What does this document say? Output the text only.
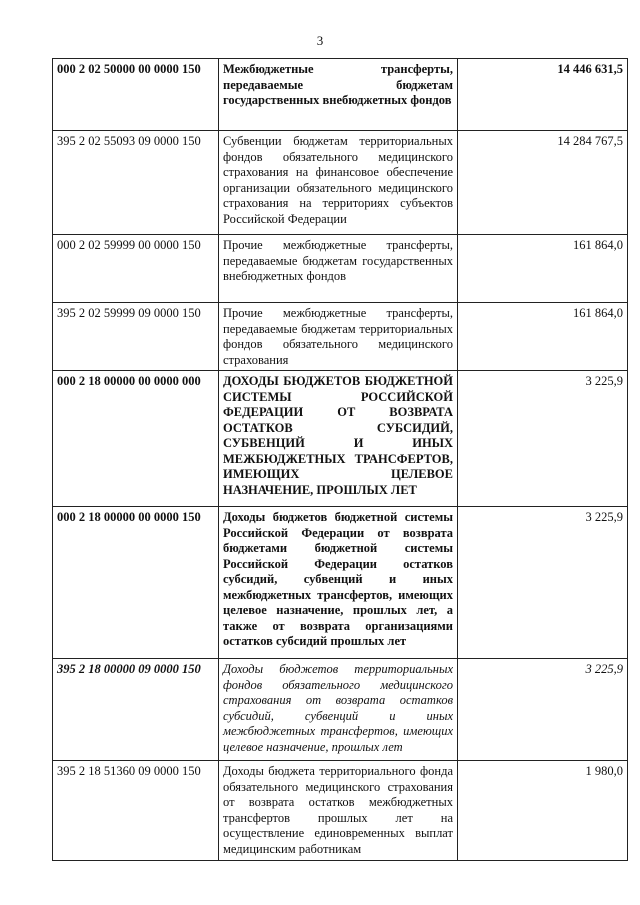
3
000 2 02 50000 00 0000 150	Межбюджетные трансферты, передаваемые бюджетам государственных внебюджетных фондов	14 446 631,5
395 2 02 55093 09 0000 150	Субвенции бюджетам территориальных фондов обязательного медицинского страхования на финансовое обеспечение организации обязательного медицинского страхования на территориях субъектов Российской Федерации	14 284 767,5
000 2 02 59999 00 0000 150	Прочие межбюджетные трансферты, передаваемые бюджетам государственных внебюджетных фондов	161 864,0
395 2 02 59999 09 0000 150	Прочие межбюджетные трансферты, передаваемые бюджетам территориальных фондов обязательного медицинского страхования	161 864,0
000 2 18 00000 00 0000 000	ДОХОДЫ БЮДЖЕТОВ БЮДЖЕТНОЙ СИСТЕМЫ РОССИЙСКОЙ ФЕДЕРАЦИИ ОТ ВОЗВРАТА ОСТАТКОВ СУБСИДИЙ, СУБВЕНЦИЙ И ИНЫХ МЕЖБЮДЖЕТНЫХ ТРАНСФЕРТОВ, ИМЕЮЩИХ ЦЕЛЕВОЕ НАЗНАЧЕНИЕ, ПРОШЛЫХ ЛЕТ	3 225,9
000 2 18 00000 00 0000 150	Доходы бюджетов бюджетной системы Российской Федерации от возврата бюджетами бюджетной системы Российской Федерации остатков субсидий, субвенций и иных межбюджетных трансфертов, имеющих целевое назначение, прошлых лет, а также от возврата организациями остатков субсидий прошлых лет	3 225,9
395 2 18 00000 09 0000 150	Доходы бюджетов территориальных фондов обязательного медицинского страхования от возврата остатков субсидий, субвенций и иных межбюджетных трансфертов, имеющих целевое назначение, прошлых лет	3 225,9
395 2 18 51360 09 0000 150	Доходы бюджета территориального фонда обязательного медицинского страхования от возврата остатков межбюджетных трансфертов прошлых лет на осуществление единовременных выплат медицинским работникам	1 980,0
